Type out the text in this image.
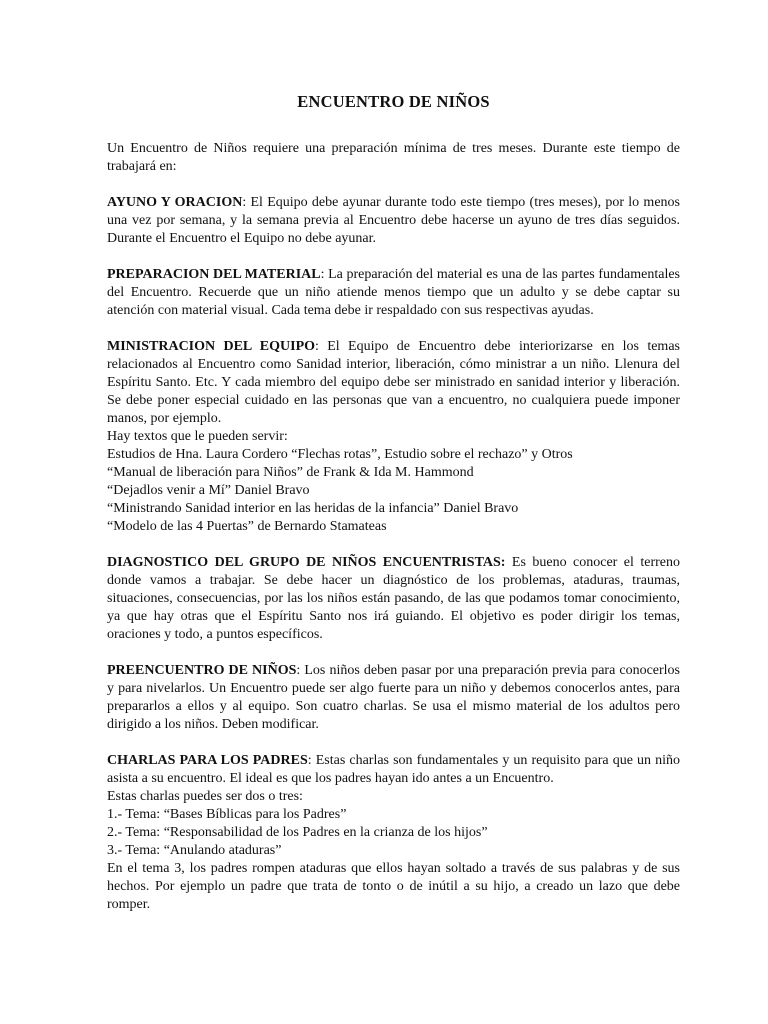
ENCUENTRO DE NIÑOS

Un Encuentro de Niños requiere una preparación mínima de tres meses. Durante este tiempo de trabajará en:

AYUNO Y ORACION: El Equipo debe ayunar durante todo este tiempo (tres meses), por lo menos una vez por semana, y la semana previa al Encuentro debe hacerse un ayuno de tres días seguidos. Durante el Encuentro el Equipo no debe ayunar.

PREPARACION DEL MATERIAL: La preparación del material es una de las partes fundamentales del Encuentro. Recuerde que un niño atiende menos tiempo que un adulto y se debe captar su atención con material visual. Cada tema debe ir respaldado con sus respectivas ayudas.

MINISTRACION DEL EQUIPO: El Equipo de Encuentro debe interiorizarse en los temas relacionados al Encuentro como Sanidad interior, liberación, cómo ministrar a un niño. Llenura del Espíritu Santo. Etc. Y cada miembro del equipo debe ser ministrado en sanidad interior y liberación. Se debe poner especial cuidado en las personas que van a encuentro, no cualquiera puede imponer manos, por ejemplo.
Hay textos que le pueden servir:
Estudios de Hna. Laura Cordero “Flechas rotas”, Estudio sobre el rechazo” y Otros
“Manual de liberación para Niños” de Frank & Ida M. Hammond
“Dejadlos venir a Mí” Daniel Bravo
“Ministrando Sanidad interior en las heridas de la infancia” Daniel Bravo
“Modelo de las 4 Puertas” de Bernardo Stamateas

DIAGNOSTICO DEL GRUPO DE NIÑOS ENCUENTRISTAS: Es bueno conocer el terreno donde vamos a trabajar. Se debe hacer un diagnóstico de los problemas, ataduras, traumas, situaciones, consecuencias, por las los niños están pasando, de las que podamos tomar conocimiento, ya que hay otras que el Espíritu Santo nos irá guiando. El objetivo es poder dirigir los temas, oraciones y todo, a puntos específicos.

PREENCUENTRO DE NIÑOS: Los niños deben pasar por una preparación previa para conocerlos y para nivelarlos. Un Encuentro puede ser algo fuerte para un niño y debemos conocerlos antes, para prepararlos a ellos y al equipo. Son cuatro charlas. Se usa el mismo material de los adultos pero dirigido a los niños. Deben modificar.

CHARLAS PARA LOS PADRES: Estas charlas son fundamentales y un requisito para que un niño asista a su encuentro. El ideal es que los padres hayan ido antes a un Encuentro.
Estas charlas puedes ser dos o tres:
1.- Tema: “Bases Bíblicas para los Padres”
2.- Tema: “Responsabilidad de los Padres en la crianza de los hijos”
3.- Tema: “Anulando ataduras”
En el tema 3, los padres rompen ataduras que ellos hayan soltado a través de sus palabras y de sus hechos. Por ejemplo un padre que trata de tonto o de inútil a su hijo, a creado un lazo que debe romper.
